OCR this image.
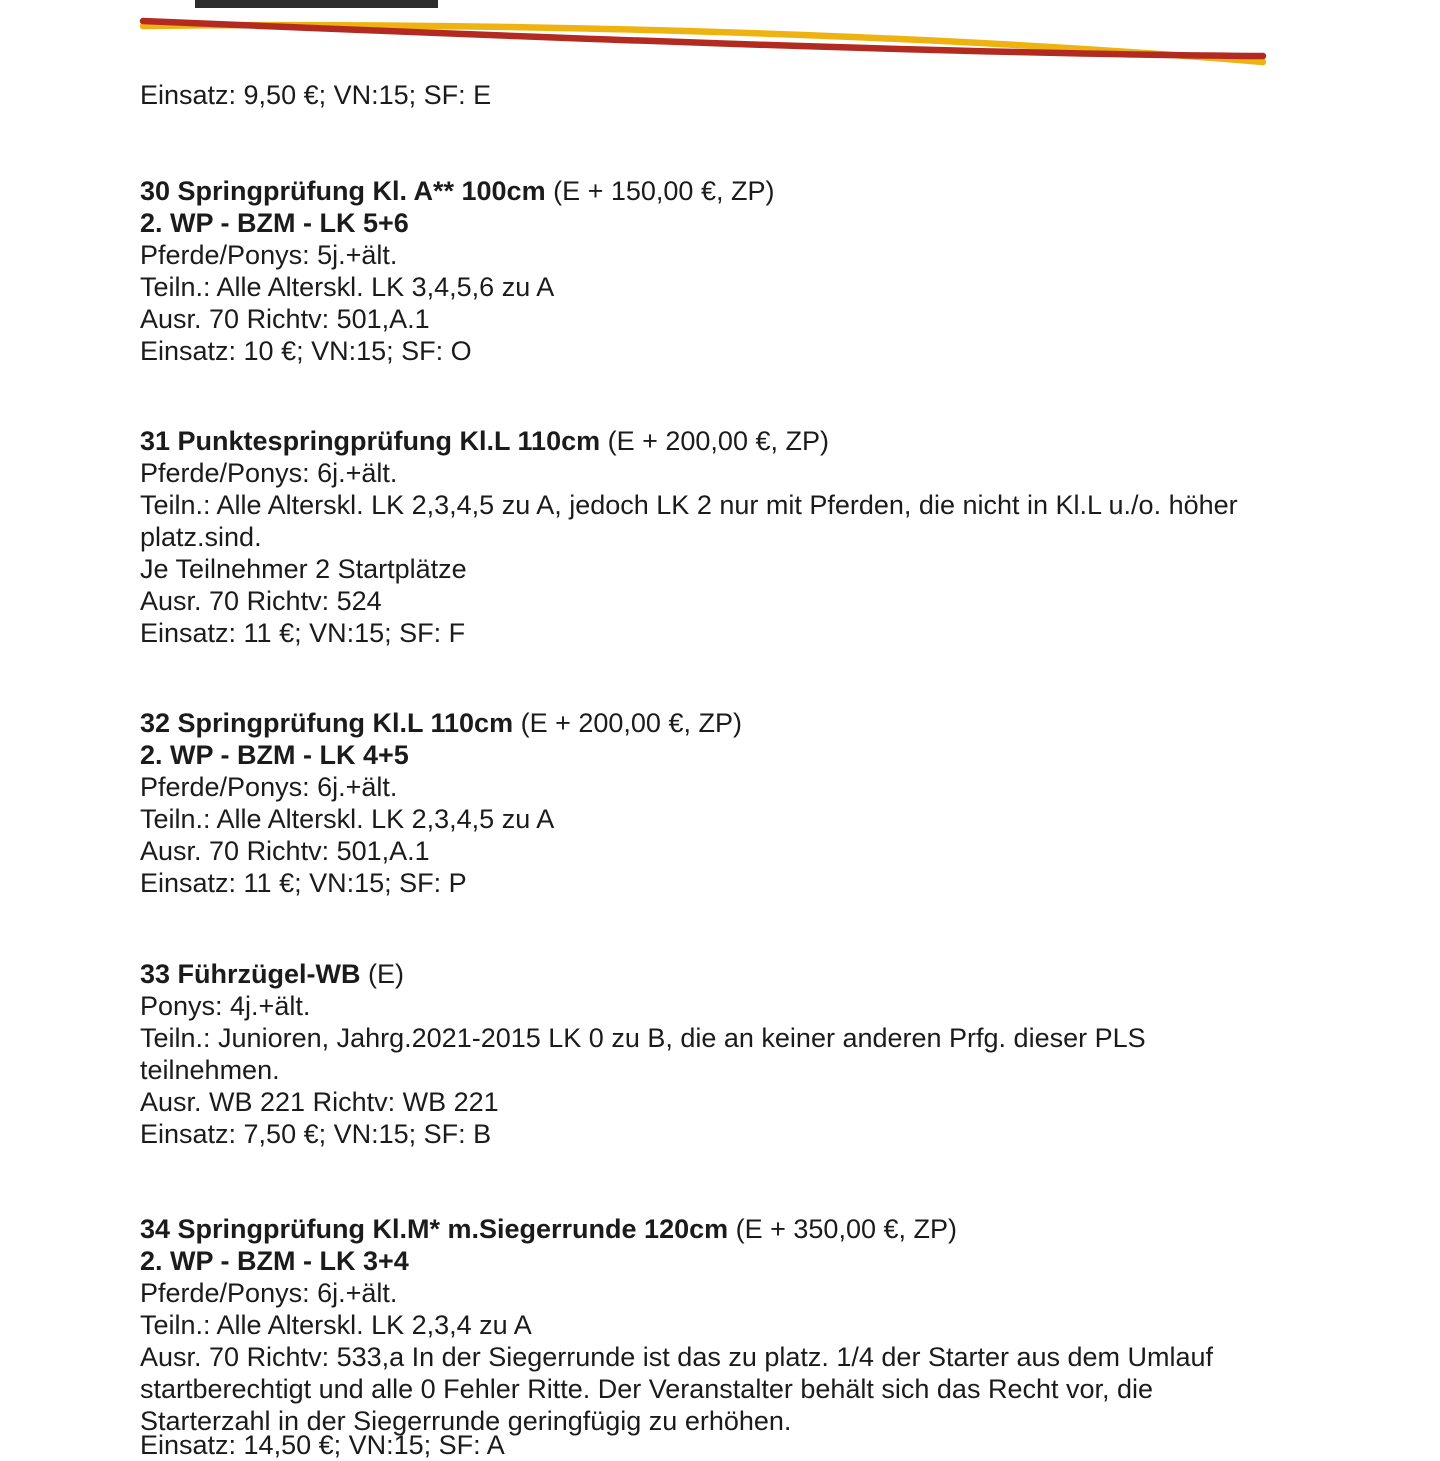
Einsatz: 9,50 €; VN:15; SF: E
30 Springprüfung Kl. A** 100cm (E + 150,00 €, ZP)
2. WP - BZM - LK 5+6
Pferde/Ponys: 5j.+ält.
Teiln.: Alle Alterskl. LK 3,4,5,6 zu A
Ausr. 70 Richtv: 501,A.1
Einsatz: 10 €; VN:15; SF: O
31 Punktespringprüfung Kl.L 110cm (E + 200,00 €, ZP)
Pferde/Ponys: 6j.+ält.
Teiln.: Alle Alterskl. LK 2,3,4,5 zu A, jedoch LK 2 nur mit Pferden, die nicht in Kl.L u./o. höher
platz.sind.
Je Teilnehmer 2 Startplätze
Ausr. 70 Richtv: 524
Einsatz: 11 €; VN:15; SF: F
32 Springprüfung Kl.L 110cm (E + 200,00 €, ZP)
2. WP - BZM - LK 4+5
Pferde/Ponys: 6j.+ält.
Teiln.: Alle Alterskl. LK 2,3,4,5 zu A
Ausr. 70 Richtv: 501,A.1
Einsatz: 11 €; VN:15; SF: P
33 Führzügel-WB (E)
Ponys: 4j.+ält.
Teiln.: Junioren, Jahrg.2021-2015 LK 0 zu B, die an keiner anderen Prfg. dieser PLS
teilnehmen.
Ausr. WB 221 Richtv: WB 221
Einsatz: 7,50 €; VN:15; SF: B
34 Springprüfung Kl.M* m.Siegerrunde 120cm (E + 350,00 €, ZP)
2. WP - BZM - LK 3+4
Pferde/Ponys: 6j.+ält.
Teiln.: Alle Alterskl. LK 2,3,4 zu A
Ausr. 70 Richtv: 533,a In der Siegerrunde ist das zu platz. 1/4 der Starter aus dem Umlauf
startberechtigt und alle 0 Fehler Ritte. Der Veranstalter behält sich das Recht vor, die
Starterzahl in der Siegerrunde geringfügig zu erhöhen.
Einsatz: 14,50 €; VN:15; SF: A
